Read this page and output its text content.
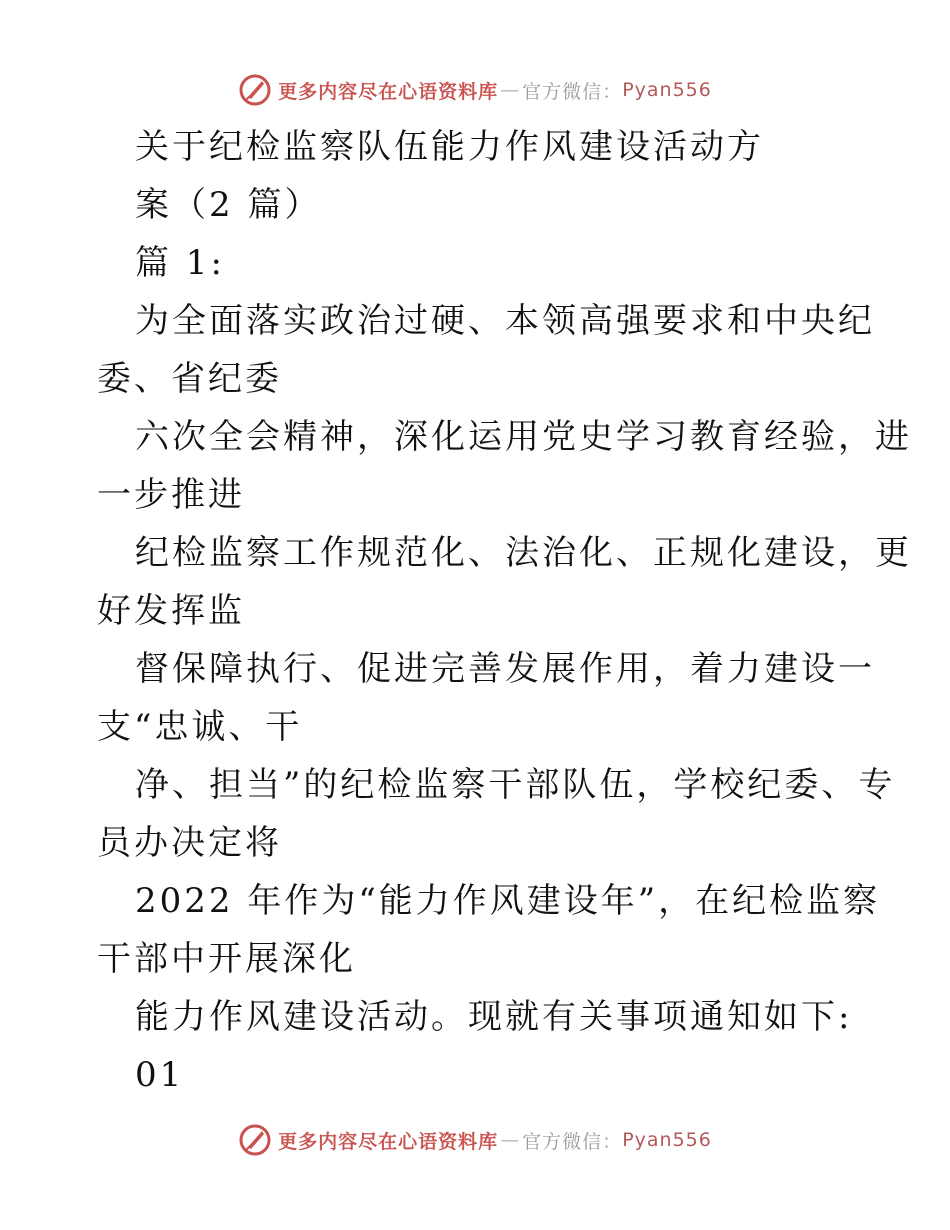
更多内容尽在心语资料库 — 官方微信： Pyan556
关于纪检监察队伍能力作风建设活动方
案（2 篇）
篇 1:
为全面落实政治过硬、本领高强要求和中央纪
委、省纪委
六次全会精神，深化运用党史学习教育经验，进
一步推进
纪检监察工作规范化、法治化、正规化建设，更
好发挥监
督保障执行、促进完善发展作用，着力建设一
支“忠诚、干
净、担当”的纪检监察干部队伍，学校纪委、专
员办决定将
2022 年作为“能力作风建设年”，在纪检监察
干部中开展深化
能力作风建设活动。现就有关事项通知如下:
01
更多内容尽在心语资料库 — 官方微信： Pyan556
